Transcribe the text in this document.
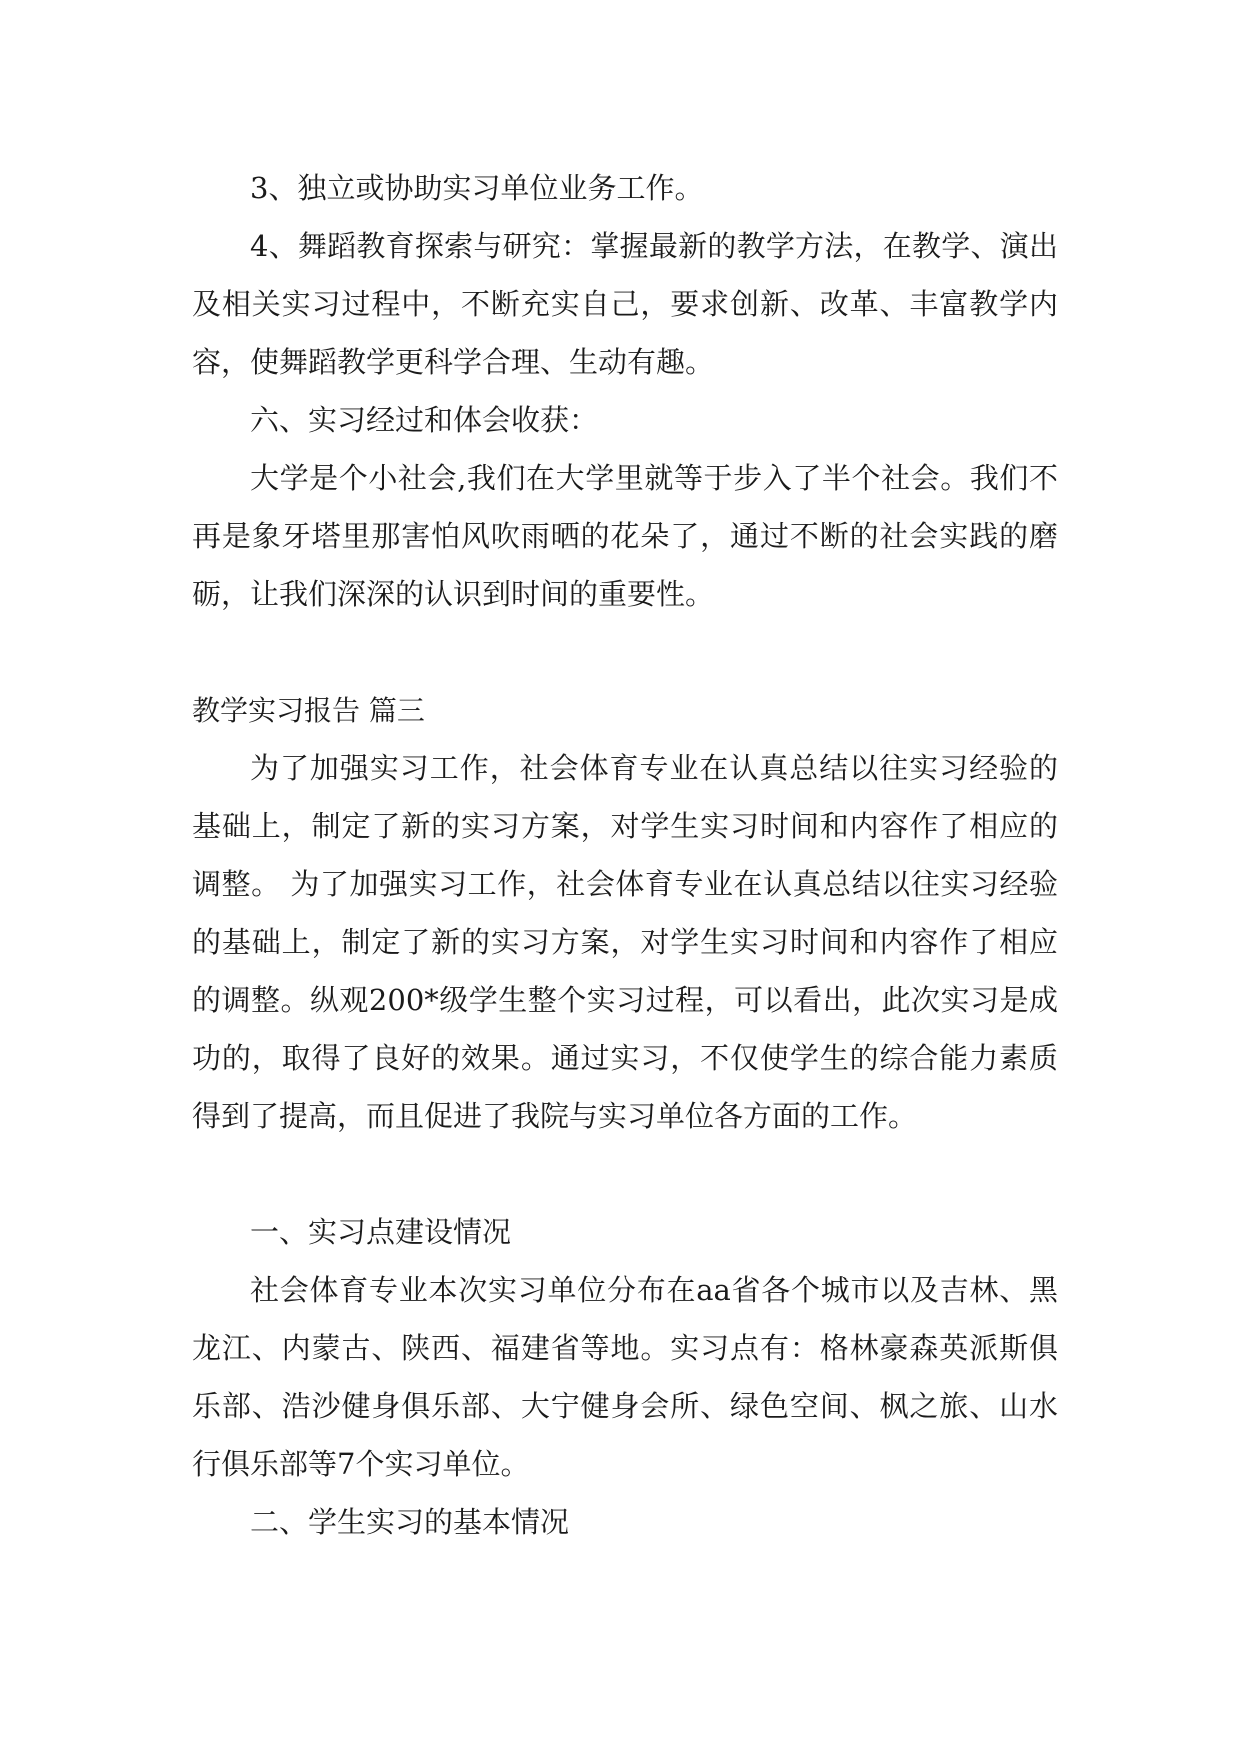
3、独立或协助实习单位业务工作。

4、舞蹈教育探索与研究：掌握最新的教学方法，在教学、演出及相关实习过程中，不断充实自己，要求创新、改革、丰富教学内容，使舞蹈教学更科学合理、生动有趣。

六、实习经过和体会收获：

大学是个小社会,我们在大学里就等于步入了半个社会。我们不再是象牙塔里那害怕风吹雨晒的花朵了，通过不断的社会实践的磨砺，让我们深深的认识到时间的重要性。

教学实习报告 篇三

为了加强实习工作，社会体育专业在认真总结以往实习经验的基础上，制定了新的实习方案，对学生实习时间和内容作了相应的调整。 为了加强实习工作，社会体育专业在认真总结以往实习经验的基础上，制定了新的实习方案，对学生实习时间和内容作了相应的调整。纵观200*级学生整个实习过程，可以看出，此次实习是成功的，取得了良好的效果。通过实习，不仅使学生的综合能力素质得到了提高，而且促进了我院与实习单位各方面的工作。

一、实习点建设情况

社会体育专业本次实习单位分布在aa省各个城市以及吉林、黑龙江、内蒙古、陕西、福建省等地。实习点有：格林豪森英派斯俱乐部、浩沙健身俱乐部、大宁健身会所、绿色空间、枫之旅、山水行俱乐部等7个实习单位。

二、学生实习的基本情况
